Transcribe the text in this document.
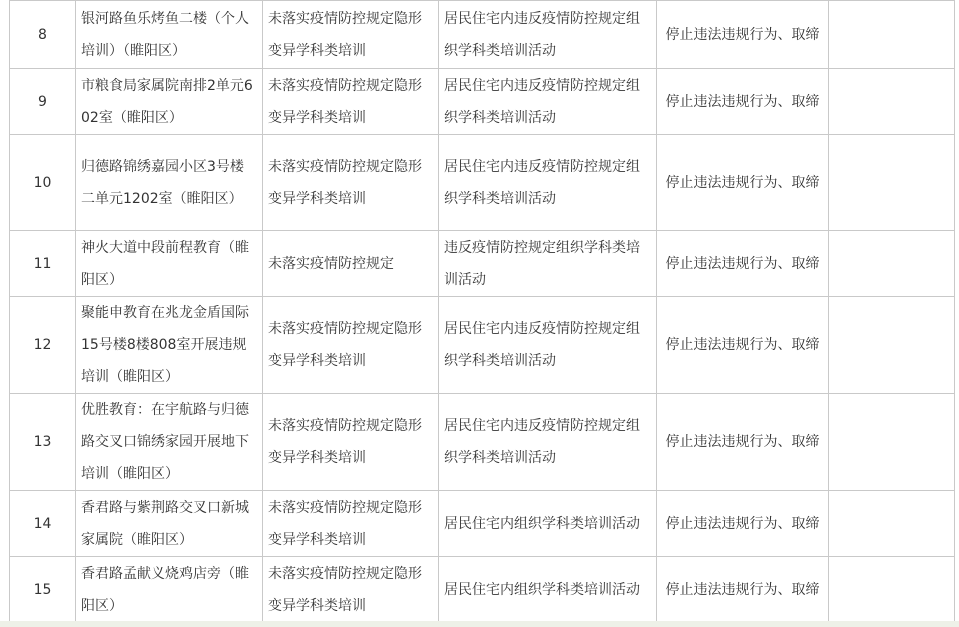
8	银河路鱼乐烤鱼二楼（个人培训）（睢阳区）	未落实疫情防控规定隐形变异学科类培训	居民住宅内违反疫情防控规定组织学科类培训活动	停止违法违规行为、取缔	

9	市粮食局家属院南排2单元602室（睢阳区）	未落实疫情防控规定隐形变异学科类培训	居民住宅内违反疫情防控规定组织学科类培训活动	停止违法违规行为、取缔	

10	归德路锦绣嘉园小区3号楼二单元1202室（睢阳区）	未落实疫情防控规定隐形变异学科类培训	居民住宅内违反疫情防控规定组织学科类培训活动	停止违法违规行为、取缔	

11	神火大道中段前程教育（睢阳区）	未落实疫情防控规定	违反疫情防控规定组织学科类培训活动	停止违法违规行为、取缔	

12	聚能申教育在兆龙金盾国际15号楼8楼808室开展违规培训（睢阳区）	未落实疫情防控规定隐形变异学科类培训	居民住宅内违反疫情防控规定组织学科类培训活动	停止违法违规行为、取缔	

13	优胜教育：在宇航路与归德路交叉口锦绣家园开展地下培训（睢阳区）	未落实疫情防控规定隐形变异学科类培训	居民住宅内违反疫情防控规定组织学科类培训活动	停止违法违规行为、取缔	

14	香君路与紫荆路交叉口新城家属院（睢阳区）	未落实疫情防控规定隐形变异学科类培训	居民住宅内组织学科类培训活动	停止违法违规行为、取缔	

15	香君路孟献义烧鸡店旁（睢阳区）	未落实疫情防控规定隐形变异学科类培训	居民住宅内组织学科类培训活动	停止违法违规行为、取缔	
